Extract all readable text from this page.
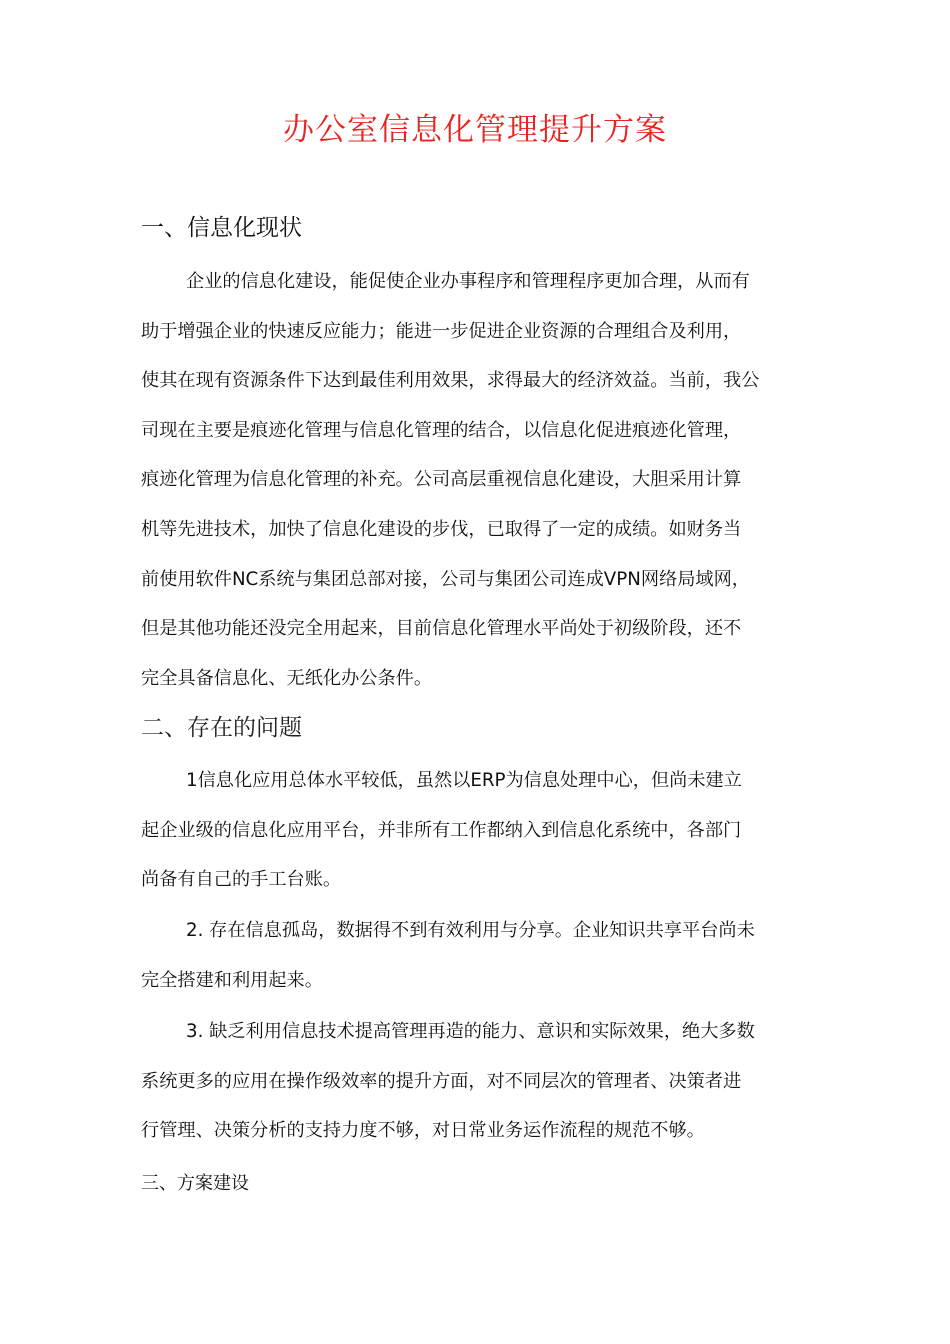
办公室信息化管理提升方案
一、信息化现状
企业的信息化建设，能促使企业办事程序和管理程序更加合理，从而有
助于增强企业的快速反应能力；能进一步促进企业资源的合理组合及利用，
使其在现有资源条件下达到最佳利用效果，求得最大的经济效益。当前，我公
司现在主要是痕迹化管理与信息化管理的结合，以信息化促进痕迹化管理，
痕迹化管理为信息化管理的补充。公司高层重视信息化建设，大胆采用计算
机等先进技术，加快了信息化建设的步伐，已取得了一定的成绩。如财务当
前使用软件NC系统与集团总部对接，公司与集团公司连成VPN网络局域网，
但是其他功能还没完全用起来，目前信息化管理水平尚处于初级阶段，还不
完全具备信息化、无纸化办公条件。
二、存在的问题
1信息化应用总体水平较低，虽然以ERP为信息处理中心，但尚未建立
起企业级的信息化应用平台，并非所有工作都纳入到信息化系统中，各部门
尚备有自己的手工台账。
2. 存在信息孤岛，数据得不到有效利用与分享。企业知识共享平台尚未
完全搭建和利用起来。
3. 缺乏利用信息技术提高管理再造的能力、意识和实际效果，绝大多数
系统更多的应用在操作级效率的提升方面，对不同层次的管理者、决策者进
行管理、决策分析的支持力度不够，对日常业务运作流程的规范不够。
三、方案建设
